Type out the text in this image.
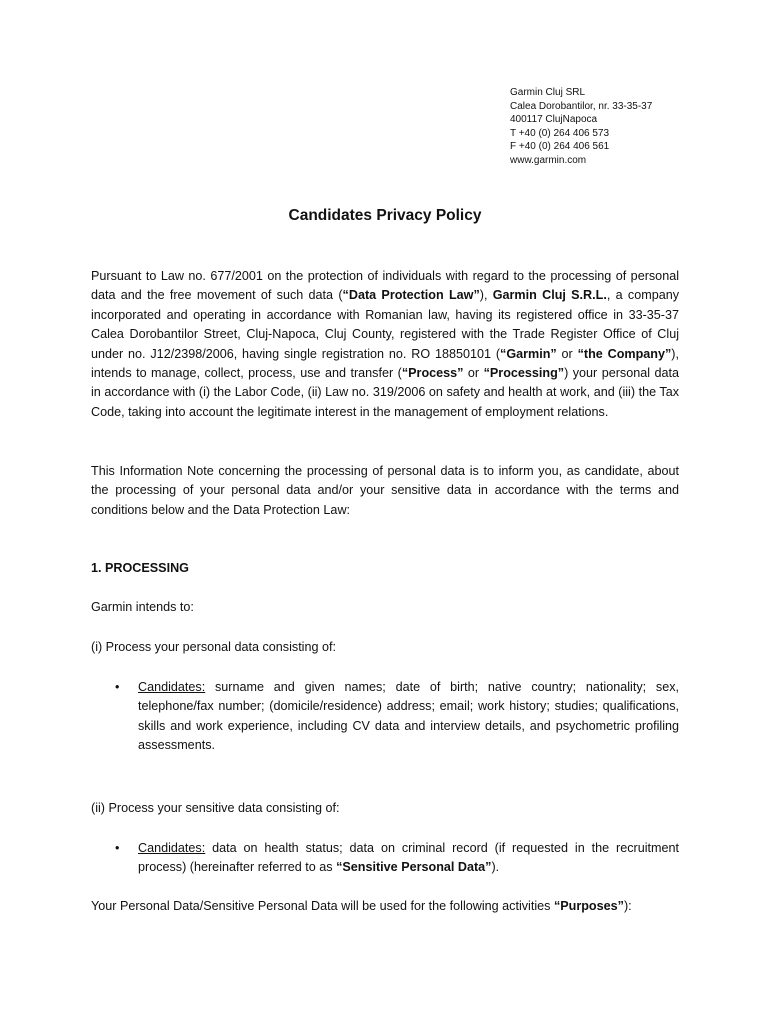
Garmin Cluj SRL
Calea Dorobantilor, nr. 33-35-37
400117 ClujNapoca
T +40 (0) 264 406 573
F +40 (0) 264 406 561
www.garmin.com
Candidates Privacy Policy

Pursuant to Law no. 677/2001 on the protection of individuals with regard to the processing of personal data and the free movement of such data (“Data Protection Law”), Garmin Cluj S.R.L., a company incorporated and operating in accordance with Romanian law, having its registered office in 33-35-37 Calea Dorobantilor Street, Cluj-Napoca, Cluj County, registered with the Trade Register Office of Cluj under no. J12/2398/2006, having single registration no. RO 18850101 (“Garmin” or “the Company”), intends to manage, collect, process, use and transfer (“Process” or “Processing”) your personal data in accordance with (i) the Labor Code, (ii) Law no. 319/2006 on safety and health at work, and (iii) the Tax Code, taking into account the legitimate interest in the management of employment relations.

This Information Note concerning the processing of personal data is to inform you, as candidate, about the processing of your personal data and/or your sensitive data in accordance with the terms and conditions below and the Data Protection Law:

1. PROCESSING
Garmin intends to:
(i) Process your personal data consisting of:
• Candidates: surname and given names; date of birth; native country; nationality; sex, telephone/fax number; (domicile/residence) address; email; work history; studies; qualifications, skills and work experience, including CV data and interview details, and psychometric profiling assessments.
(ii) Process your sensitive data consisting of:
• Candidates: data on health status; data on criminal record (if requested in the recruitment process) (hereinafter referred to as “Sensitive Personal Data”).
Your Personal Data/Sensitive Personal Data will be used for the following activities “Purposes”):
